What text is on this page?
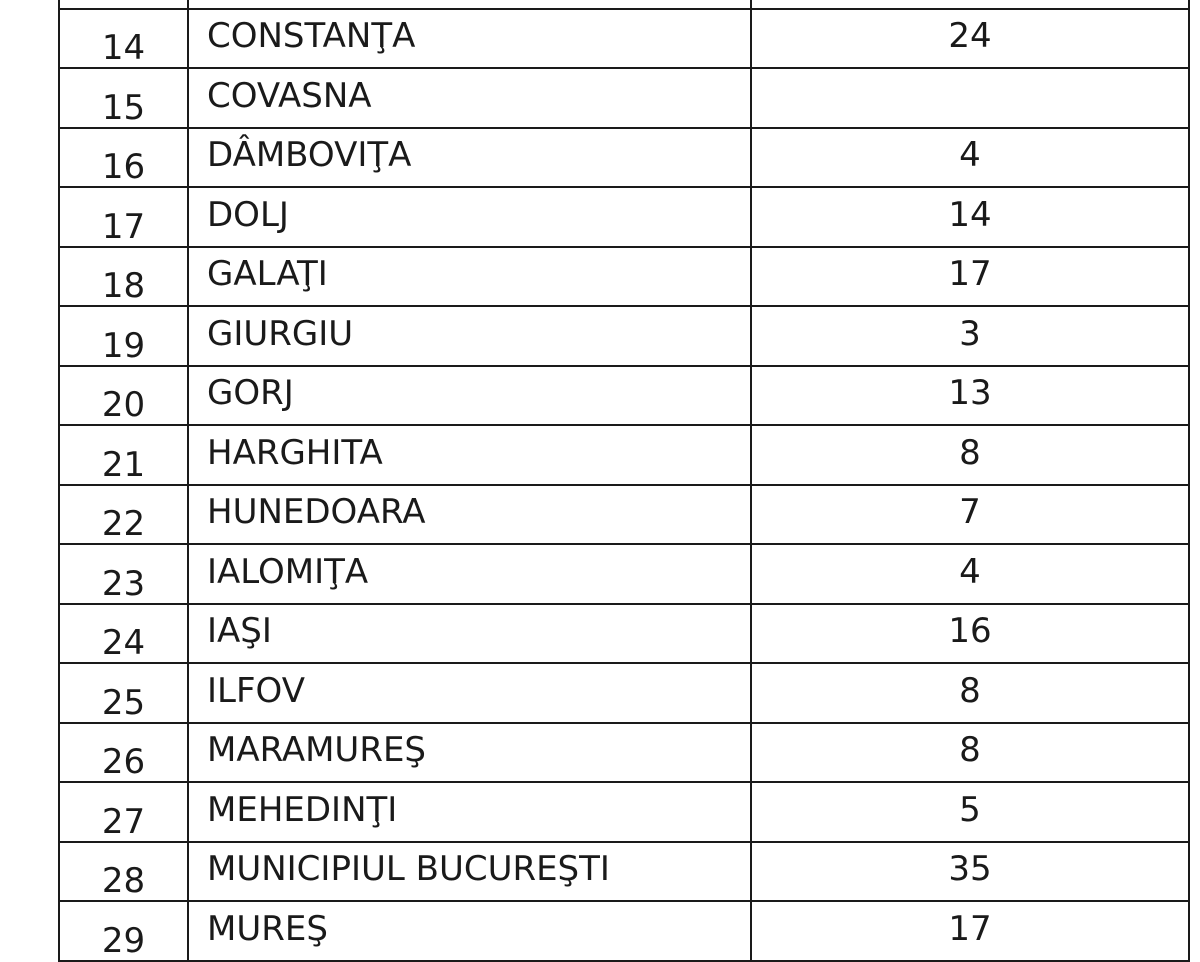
14	CONSTANŢA	24
15	COVASNA	
16	DÂMBOVIŢA	4
17	DOLJ	14
18	GALAŢI	17
19	GIURGIU	3
20	GORJ	13
21	HARGHITA	8
22	HUNEDOARA	7
23	IALOMIŢA	4
24	IAŞI	16
25	ILFOV	8
26	MARAMUREŞ	8
27	MEHEDINŢI	5
28	MUNICIPIUL BUCUREŞTI	35
29	MUREŞ	17
